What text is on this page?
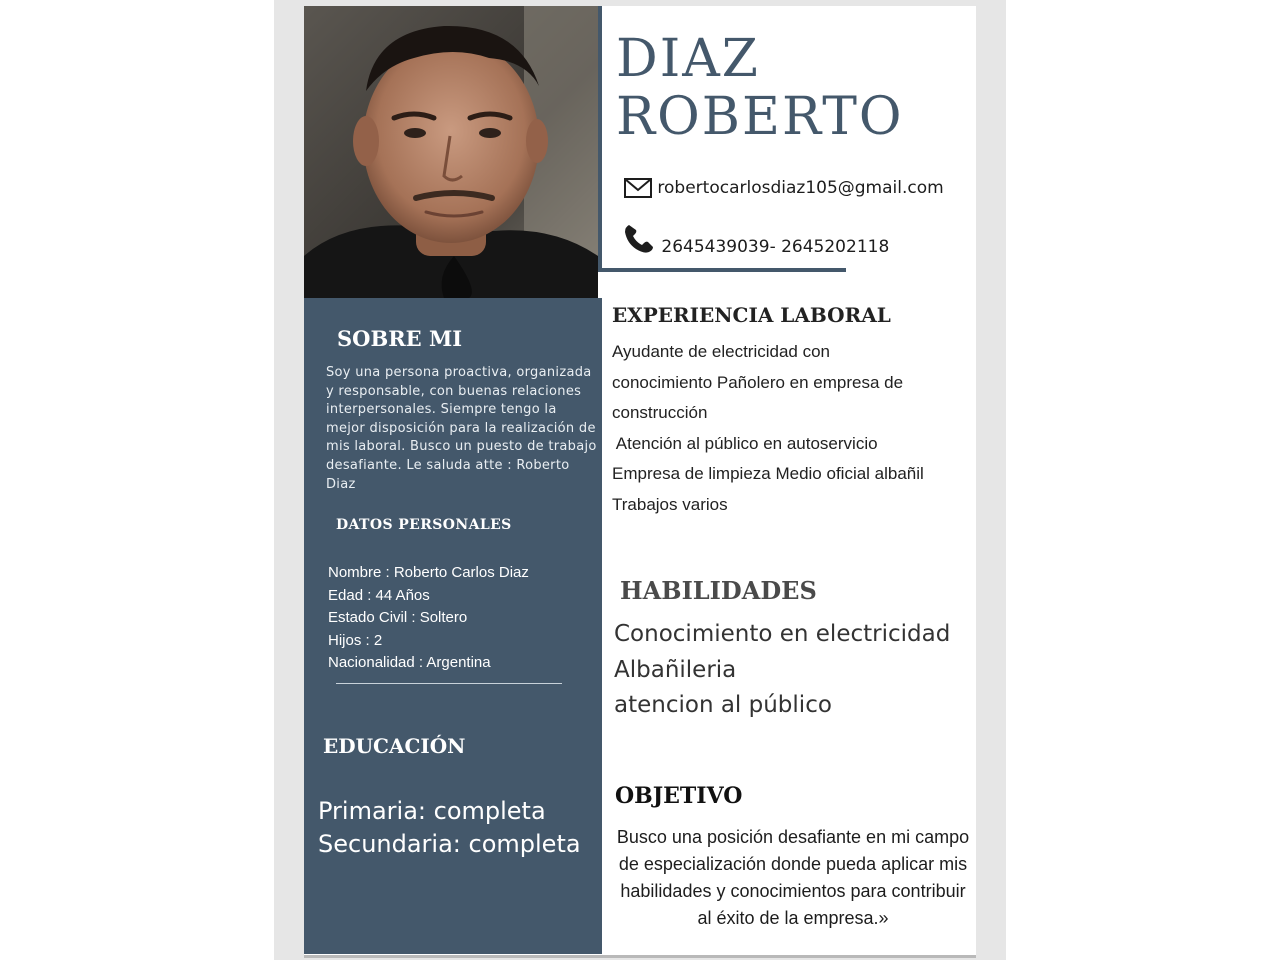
DIAZ
ROBERTO
robertocarlosdiaz105@gmail.com
2645439039- 2645202118
SOBRE MI

Soy una persona proactiva, organizada y responsable, con buenas relaciones interpersonales. Siempre tengo la mejor disposición para la realización de mis laboral. Busco un puesto de trabajo desafiante. Le saluda atte : Roberto Diaz

DATOS PERSONALES
Nombre : Roberto Carlos Diaz
Edad : 44 Años
Estado Civil : Soltero
Hijos : 2
Nacionalidad : Argentina
EDUCACIÓN
Primaria: completa
Secundaria: completa
EXPERIENCIA LABORAL
Ayudante de electricidad con
conocimiento Pañolero en empresa de
construcción
Atención al público en autoservicio
Empresa de limpieza Medio oficial albañil
Trabajos varios
HABILIDADES
Conocimiento en electricidad
Albañileria
atencion al público
OBJETIVO

Busco una posición desafiante en mi campo de especialización donde pueda aplicar mis habilidades y conocimientos para contribuir al éxito de la empresa.»
